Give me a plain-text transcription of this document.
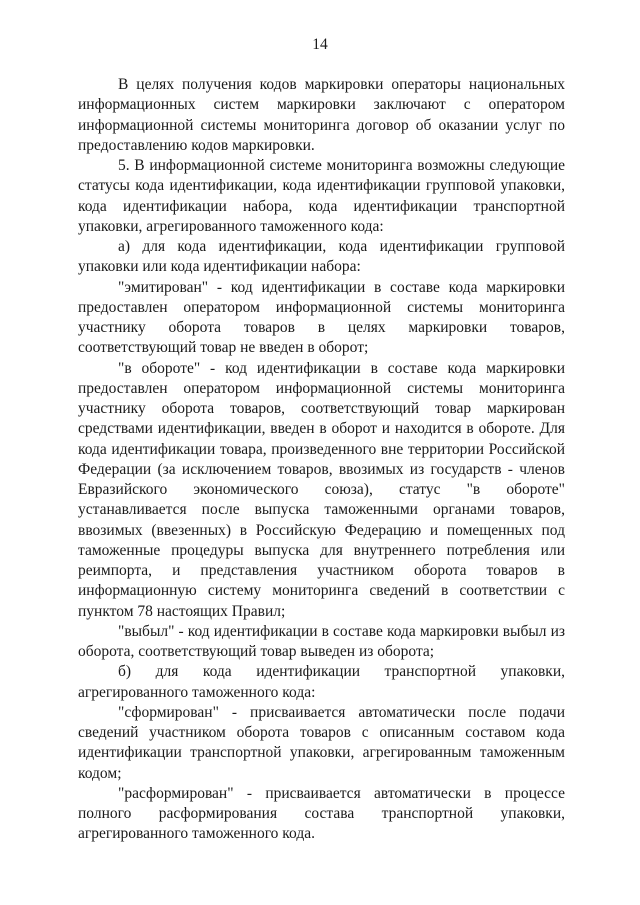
14

В целях получения кодов маркировки операторы национальных информационных систем маркировки заключают с оператором информационной системы мониторинга договор об оказании услуг по предоставлению кодов маркировки.

5. В информационной системе мониторинга возможны следующие статусы кода идентификации, кода идентификации групповой упаковки, кода идентификации набора, кода идентификации транспортной упаковки, агрегированного таможенного кода:

а) для кода идентификации, кода идентификации групповой упаковки или кода идентификации набора:

"эмитирован" - код идентификации в составе кода маркировки предоставлен оператором информационной системы мониторинга участнику оборота товаров в целях маркировки товаров, соответствующий товар не введен в оборот;

"в обороте" - код идентификации в составе кода маркировки предоставлен оператором информационной системы мониторинга участнику оборота товаров, соответствующий товар маркирован средствами идентификации, введен в оборот и находится в обороте. Для кода идентификации товара, произведенного вне территории Российской Федерации (за исключением товаров, ввозимых из государств - членов Евразийского экономического союза), статус "в обороте" устанавливается после выпуска таможенными органами товаров, ввозимых (ввезенных) в Российскую Федерацию и помещенных под таможенные процедуры выпуска для внутреннего потребления или реимпорта, и представления участником оборота товаров в информационную систему мониторинга сведений в соответствии с пунктом 78 настоящих Правил;

"выбыл" - код идентификации в составе кода маркировки выбыл из оборота, соответствующий товар выведен из оборота;

б) для кода идентификации транспортной упаковки, агрегированного таможенного кода:

"сформирован" - присваивается автоматически после подачи сведений участником оборота товаров с описанным составом кода идентификации транспортной упаковки, агрегированным таможенным кодом;

"расформирован" - присваивается автоматически в процессе полного расформирования состава транспортной упаковки, агрегированного таможенного кода.
